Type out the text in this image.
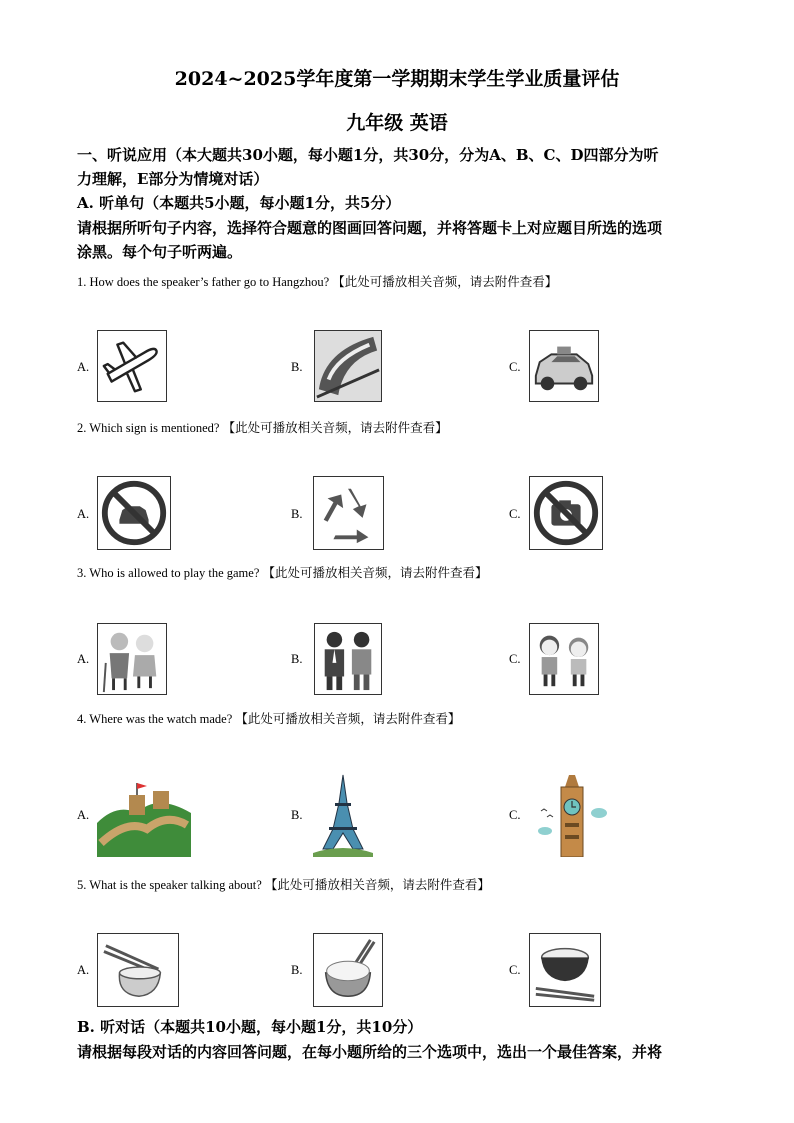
2024~2025学年度第一学期期末学生学业质量评估
九年级 英语
一、听说应用（本大题共30小题，每小题1分，共30分，分为A、B、C、D四部分为听
力理解，E部分为情境对话）
A. 听单句（本题共5小题，每小题1分，共5分）
请根据所听句子内容，选择符合题意的图画回答问题，并将答题卡上对应题目所选的选项
涂黑。每个句子听两遍。
1. How does the speaker’s father go to Hangzhou? 【此处可播放相关音频，请去附件查看】
A.	B.	C.
2. Which sign is mentioned? 【此处可播放相关音频，请去附件查看】
A.	B.	C.
3. Who is allowed to play the game? 【此处可播放相关音频，请去附件查看】
A.	B.	C.
4. Where was the watch made? 【此处可播放相关音频，请去附件查看】
A.	B.	C.
5. What is the speaker talking about? 【此处可播放相关音频，请去附件查看】
A.	B.	C.
B. 听对话（本题共10小题，每小题1分，共10分）
请根据每段对话的内容回答问题，在每小题所给的三个选项中，选出一个最佳答案，并将
